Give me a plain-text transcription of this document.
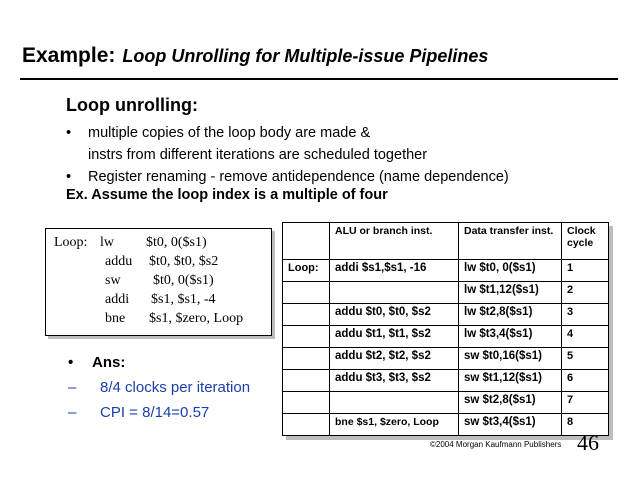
Example: Loop Unrolling for Multiple-issue Pipelines
Loop unrolling:
• multiple copies of the loop body are made &
instrs from different iterations are scheduled together
• Register renaming - remove antidependence (name dependence)
Ex. Assume the loop index is a multiple of four
Loop: lw $t0, 0($s1)
addu $t0, $t0, $s2
sw $t0, 0($s1)
addi $s1, $s1, -4
bne $s1, $zero, Loop
• Ans:
– 8/4 clocks per iteration
– CPI = 8/14=0.57
	ALU or branch inst.	Data transfer inst.	Clock cycle
Loop:	addi $s1,$s1, -16	lw $t0, 0($s1)	1
		lw $t1,12($s1)	2
	addu $t0, $t0, $s2	lw $t2,8($s1)	3
	addu $t1, $t1, $s2	lw $t3,4($s1)	4
	addu $t2, $t2, $s2	sw $t0,16($s1)	5
	addu $t3, $t3, $s2	sw $t1,12($s1)	6
		sw $t2,8($s1)	7
	bne $s1, $zero, Loop	sw $t3,4($s1)	8
©2004 Morgan Kaufmann Publishers 46
